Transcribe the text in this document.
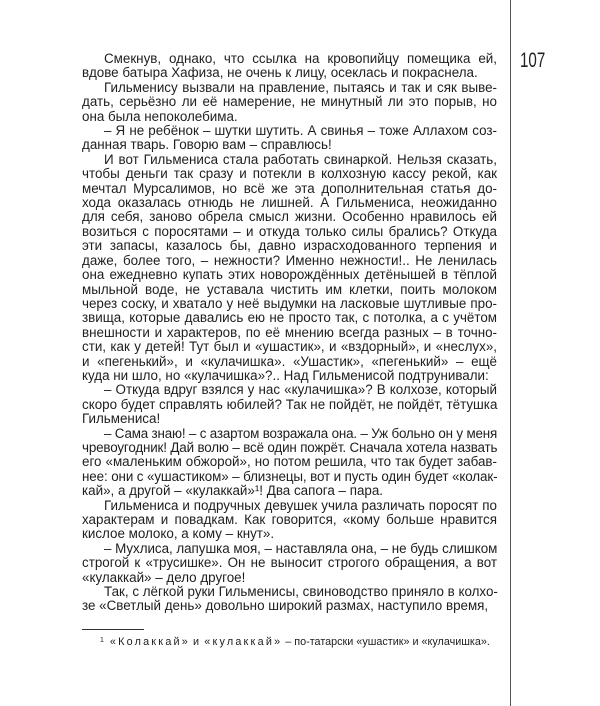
107
Смекнув, однако, что ссылка на кровопийцу помещика ей,
вдове батыра Хафиза, не очень к лицу, осеклась и покраснела.
Гильменису вызвали на правление, пытаясь и так и сяк выве-
дать, серьёзно ли её намерение, не минутный ли это порыв, но
она была непоколебима.
– Я не ребёнок – шутки шутить. А свинья – тоже Аллахом соз-
данная тварь. Говорю вам – справлюсь!
И вот Гильмениса стала работать свинаркой. Нельзя сказать,
чтобы деньги так сразу и потекли в колхозную кассу рекой, как
мечтал Мурсалимов, но всё же эта дополнительная статья до-
хода оказалась отнюдь не лишней. А Гильмениса, неожиданно
для себя, заново обрела смысл жизни. Особенно нравилось ей
возиться с поросятами – и откуда только силы брались? Откуда
эти запасы, казалось бы, давно израсходованного терпения и
даже, более того, – нежности? Именно нежности!.. Не ленилась
она ежедневно купать этих новорождённых детёнышей в тёплой
мыльной воде, не уставала чистить им клетки, поить молоком
через соску, и хватало у неё выдумки на ласковые шутливые про-
звища, которые давались ею не просто так, с потолка, а с учётом
внешности и характеров, по её мнению всегда разных – в точно-
сти, как у детей! Тут был и «ушастик», и «вздорный», и «неслух»,
и «пегенький», и «кулачишка». «Ушастик», «пегенький» – ещё
куда ни шло, но «кулачишка»?.. Над Гильменисой подтрунивали:
– Откуда вдруг взялся у нас «кулачишка»? В колхозе, который
скоро будет справлять юбилей? Так не пойдёт, не пойдёт, тётушка
Гильмениса!
– Сама знаю! – с азартом возражала она. – Уж больно он у меня
чревоугодник! Дай волю – всё один пожрёт. Сначала хотела назвать
его «маленьким обжорой», но потом решила, что так будет забав-
нее: они с «ушастиком» – близнецы, вот и пусть один будет «колак-
кай», а другой – «кулаккай»¹! Два сапога – пара.
Гильмениса и подручных девушек учила различать поросят по
характерам и повадкам. Как говорится, «кому больше нравится
кислое молоко, а кому – кнут».
– Мухлиса, лапушка моя, – наставляла она, – не будь слишком
строгой к «трусишке». Он не выносит строгого обращения, а вот
«кулаккай» – дело другое!
Так, с лёгкой руки Гильменисы, свиноводство приняло в колхо-
зе «Светлый день» довольно широкий размах, наступило время,
$^1$ «Колаккай» и «кулаккай» – по-татарски «ушастик» и «кулачишка».
